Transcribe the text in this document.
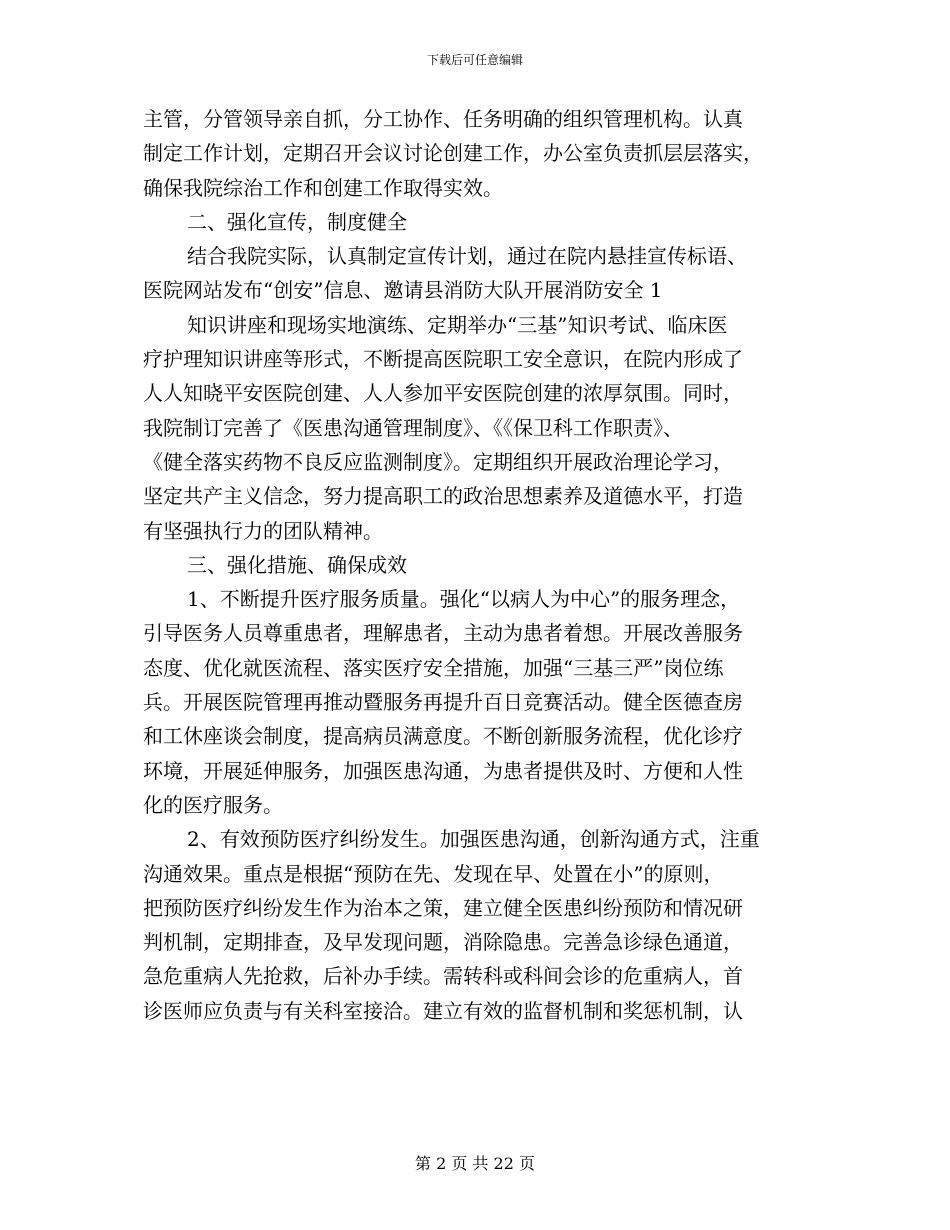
下载后可任意编辑
主管，分管领导亲自抓，分工协作、任务明确的组织管理机构。认真
制定工作计划，定期召开会议讨论创建工作，办公室负责抓层层落实，
确保我院综治工作和创建工作取得实效。
二、强化宣传，制度健全
结合我院实际，认真制定宣传计划，通过在院内悬挂宣传标语、
医院网站发布“创安”信息、邀请县消防大队开展消防安全 1
知识讲座和现场实地演练、定期举办“三基”知识考试、临床医
疗护理知识讲座等形式，不断提高医院职工安全意识，在院内形成了
人人知晓平安医院创建、人人参加平安医院创建的浓厚氛围。同时，
我院制订完善了《医患沟通管理制度》、《《保卫科工作职责》、
《健全落实药物不良反应监测制度》。定期组织开展政治理论学习，
坚定共产主义信念，努力提高职工的政治思想素养及道德水平，打造
有坚强执行力的团队精神。
三、强化措施、确保成效
1、不断提升医疗服务质量。强化“以病人为中心”的服务理念，
引导医务人员尊重患者，理解患者，主动为患者着想。开展改善服务
态度、优化就医流程、落实医疗安全措施，加强“三基三严”岗位练
兵。开展医院管理再推动暨服务再提升百日竞赛活动。健全医德查房
和工休座谈会制度，提高病员满意度。不断创新服务流程，优化诊疗
环境，开展延伸服务，加强医患沟通，为患者提供及时、方便和人性
化的医疗服务。
2、有效预防医疗纠纷发生。加强医患沟通，创新沟通方式，注重
沟通效果。重点是根据“预防在先、发现在早、处置在小”的原则，
把预防医疗纠纷发生作为治本之策，建立健全医患纠纷预防和情况研
判机制，定期排查，及早发现问题，消除隐患。完善急诊绿色通道，
急危重病人先抢救，后补办手续。需转科或科间会诊的危重病人，首
诊医师应负责与有关科室接洽。建立有效的监督机制和奖惩机制，认
第 2 页 共 22 页
